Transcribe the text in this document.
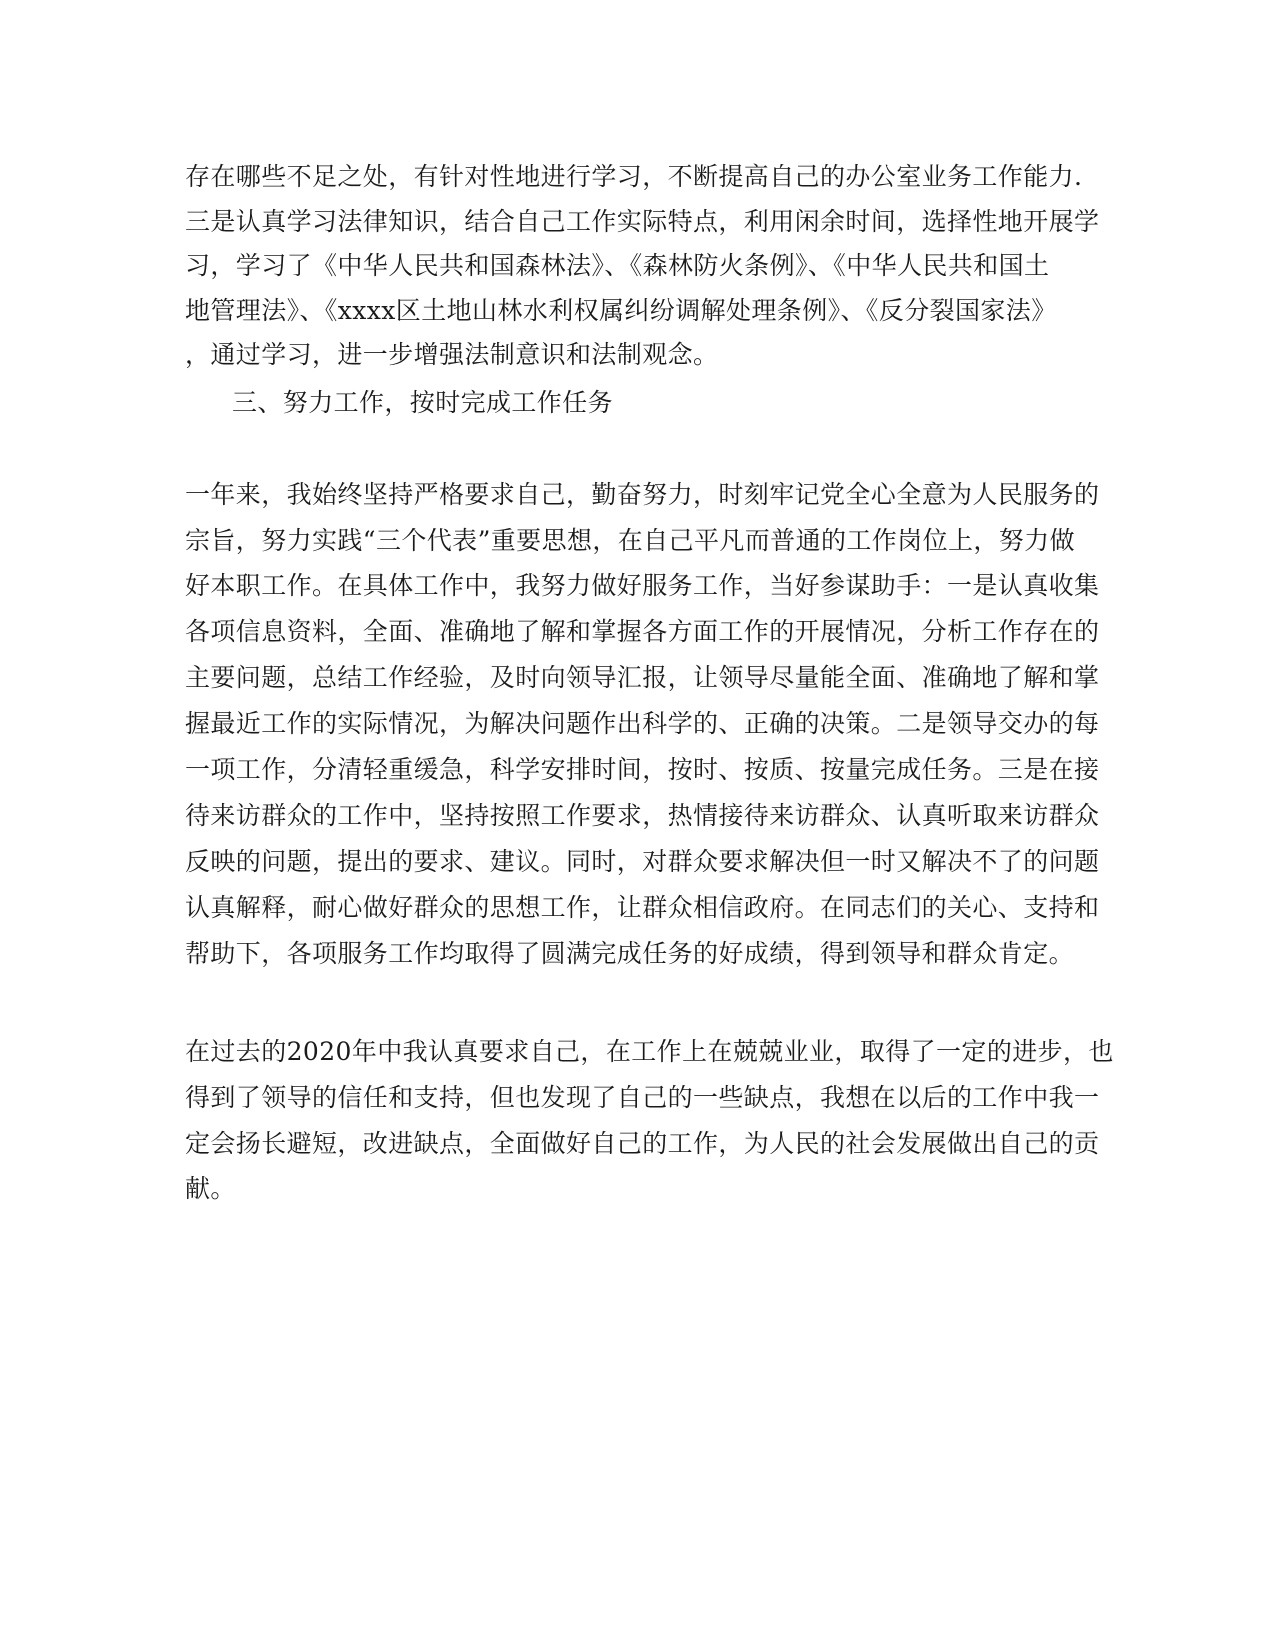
存在哪些不足之处，有针对性地进行学习，不断提高自己的办公室业务工作能力.
三是认真学习法律知识，结合自己工作实际特点，利用闲余时间，选择性地开展学
习，学习了《中华人民共和国森林法》、《森林防火条例》、《中华人民共和国土
地管理法》、《xxxx区土地山林水利权属纠纷调解处理条例》、《反分裂国家法》
，通过学习，进一步增强法制意识和法制观念。
三、努力工作，按时完成工作任务
一年来，我始终坚持严格要求自己，勤奋努力，时刻牢记党全心全意为人民服务的
宗旨，努力实践“三个代表”重要思想，在自己平凡而普通的工作岗位上，努力做
好本职工作。在具体工作中，我努力做好服务工作，当好参谋助手：一是认真收集
各项信息资料，全面、准确地了解和掌握各方面工作的开展情况，分析工作存在的
主要问题，总结工作经验，及时向领导汇报，让领导尽量能全面、准确地了解和掌
握最近工作的实际情况，为解决问题作出科学的、正确的决策。二是领导交办的每
一项工作，分清轻重缓急，科学安排时间，按时、按质、按量完成任务。三是在接
待来访群众的工作中，坚持按照工作要求，热情接待来访群众、认真听取来访群众
反映的问题，提出的要求、建议。同时，对群众要求解决但一时又解决不了的问题
认真解释，耐心做好群众的思想工作，让群众相信政府。在同志们的关心、支持和
帮助下，各项服务工作均取得了圆满完成任务的好成绩，得到领导和群众肯定。
在过去的2020年中我认真要求自己，在工作上在兢兢业业，取得了一定的进步，也
得到了领导的信任和支持，但也发现了自己的一些缺点，我想在以后的工作中我一
定会扬长避短，改进缺点，全面做好自己的工作，为人民的社会发展做出自己的贡
献。
